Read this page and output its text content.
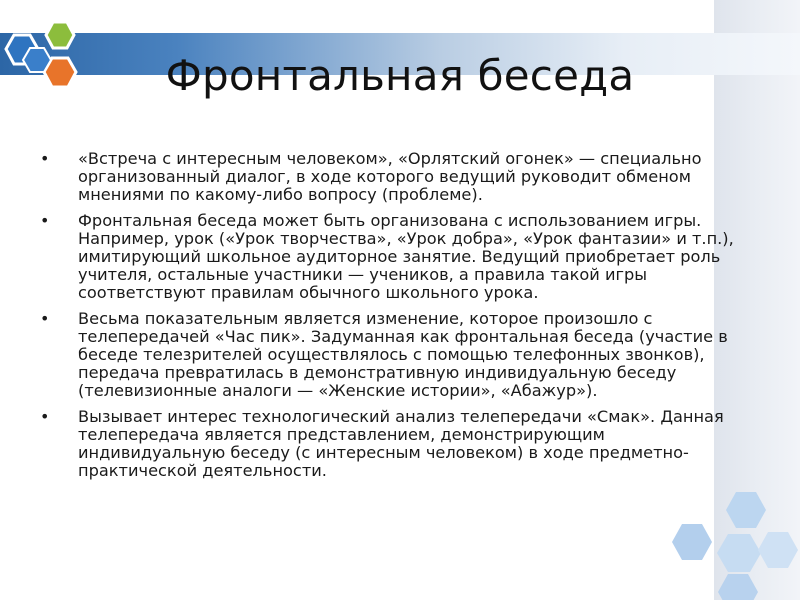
Фронтальная беседа
• «Встреча с интересным человеком», «Орлятский огонек» — специально организованный диалог, в ходе которого ведущий руководит обменом мнениями по какому-либо вопросу (проблеме).
• Фронтальная беседа может быть организована с использованием игры. Например, урок («Урок творчества», «Урок добра», «Урок фантазии» и т.п.), имитирующий школьное аудиторное занятие. Ведущий приобретает роль учителя, остальные участники — учеников, а правила такой игры соответствуют правилам обычного школьного урока.
• Весьма показательным является изменение, которое произошло с телепередачей «Час пик». Задуманная как фронтальная беседа (участие в беседе телезрителей осуществлялось с помощью телефонных звонков), передача превратилась в демонстративную индивидуальную беседу (телевизионные аналоги — «Женские истории», «Абажур»).
• Вызывает интерес технологический анализ телепередачи «Смак». Данная телепередача является представлением, демонстрирующим индивидуальную беседу (с интересным человеком) в ходе предметно-практической деятельности.
